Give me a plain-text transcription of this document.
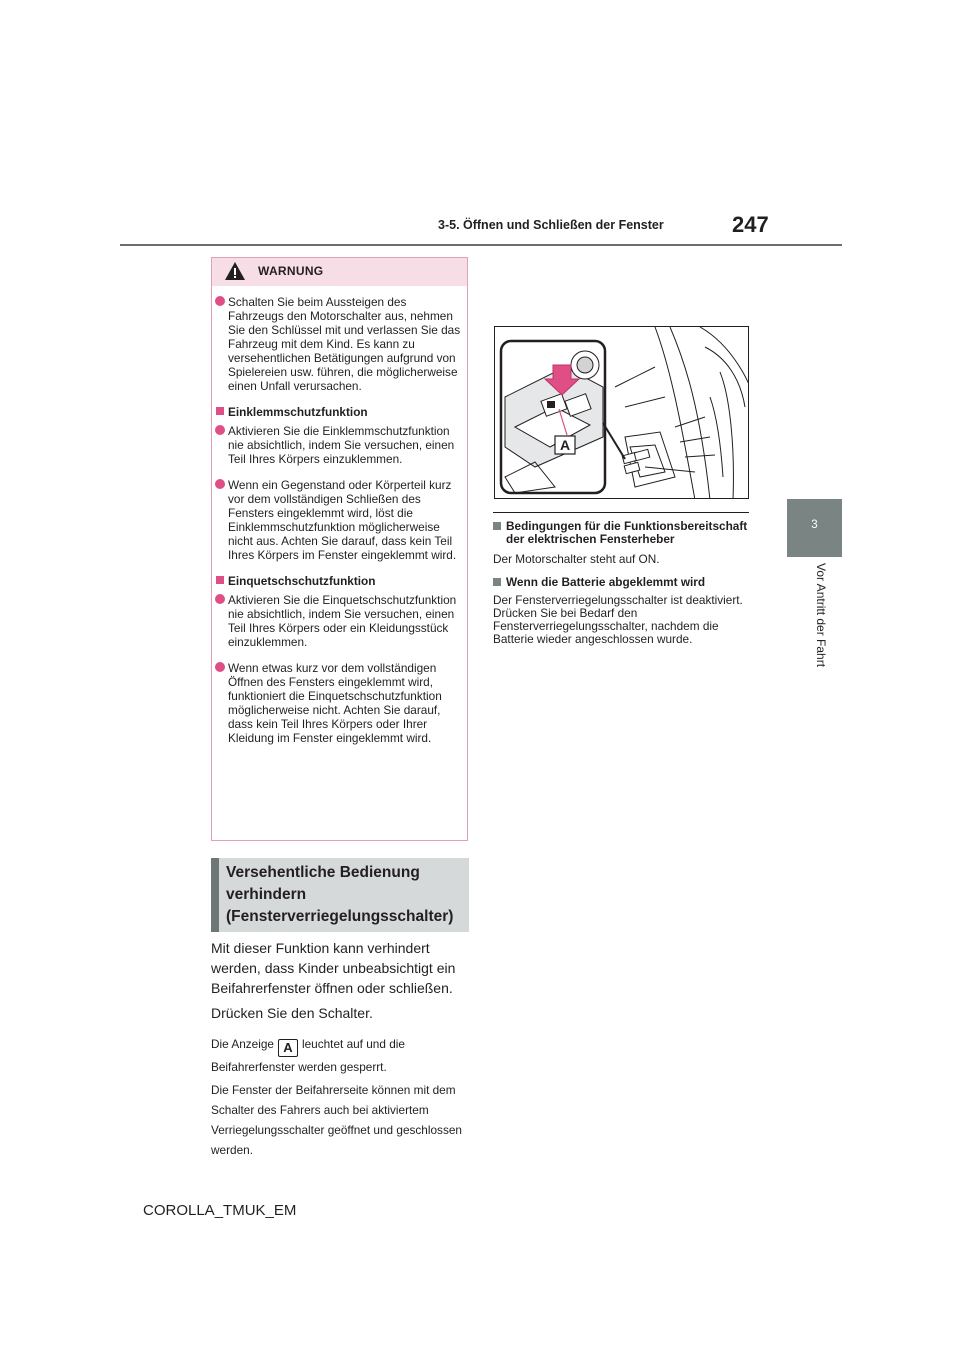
3-5. Öffnen und Schließen der Fenster	247
3
Vor Antritt der Fahrt
WARNUNG
Schalten Sie beim Aussteigen des Fahrzeugs den Motorschalter aus, nehmen Sie den Schlüssel mit und verlassen Sie das Fahrzeug mit dem Kind. Es kann zu versehentlichen Betätigungen aufgrund von Spielereien usw. führen, die möglicherweise einen Unfall verursachen.
Einklemmschutzfunktion
Aktivieren Sie die Einklemmschutzfunktion nie absichtlich, indem Sie versuchen, einen Teil Ihres Körpers einzuklemmen.
Wenn ein Gegenstand oder Körperteil kurz vor dem vollständigen Schließen des Fensters eingeklemmt wird, löst die Einklemmschutzfunktion möglicherweise nicht aus. Achten Sie darauf, dass kein Teil Ihres Körpers im Fenster eingeklemmt wird.
Einquetschschutzfunktion
Aktivieren Sie die Einquetschschutzfunktion nie absichtlich, indem Sie versuchen, einen Teil Ihres Körpers oder ein Kleidungsstück einzuklemmen.
Wenn etwas kurz vor dem vollständigen Öffnen des Fensters eingeklemmt wird, funktioniert die Einquetschschutzfunktion möglicherweise nicht. Achten Sie darauf, dass kein Teil Ihres Körpers oder Ihrer Kleidung im Fenster eingeklemmt wird.
Versehentliche Bedienung verhindern (Fensterverriegelungsschalter)
Mit dieser Funktion kann verhindert werden, dass Kinder unbeabsichtigt ein Beifahrerfenster öffnen oder schließen.
Drücken Sie den Schalter.
Die Anzeige A leuchtet auf und die Beifahrerfenster werden gesperrt.
Die Fenster der Beifahrerseite können mit dem Schalter des Fahrers auch bei aktiviertem Verriegelungsschalter geöffnet und geschlossen werden.
A
Bedingungen für die Funktionsbereitschaft der elektrischen Fensterheber
Der Motorschalter steht auf ON.
Wenn die Batterie abgeklemmt wird
Der Fensterverriegelungsschalter ist deaktiviert. Drücken Sie bei Bedarf den Fensterverriegelungsschalter, nachdem die Batterie wieder angeschlossen wurde.
COROLLA_TMUK_EM
